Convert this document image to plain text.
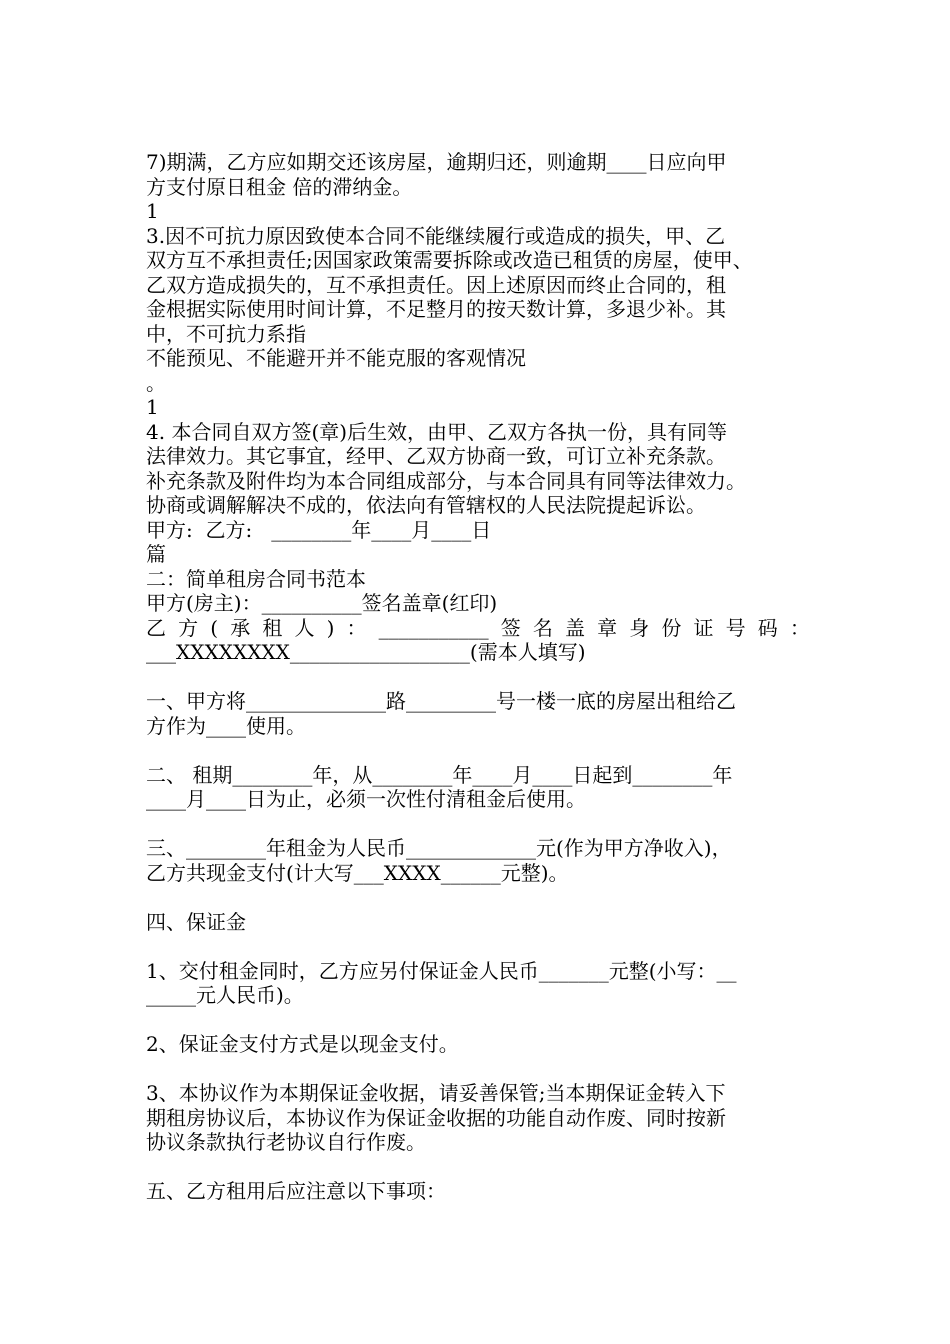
7)期满，乙方应如期交还该房屋，逾期归还，则逾期____日应向甲
方支付原日租金 倍的滞纳金。
1
3.因不可抗力原因致使本合同不能继续履行或造成的损失，甲、乙
双方互不承担责任;因国家政策需要拆除或改造已租赁的房屋，使甲、
乙双方造成损失的，互不承担责任。因上述原因而终止合同的，租
金根据实际使用时间计算，不足整月的按天数计算，多退少补。其
中，不可抗力系指
不能预见、不能避开并不能克服的客观情况
。
1
4. 本合同自双方签(章)后生效，由甲、乙双方各执一份，具有同等
法律效力。其它事宜，经甲、乙双方协商一致，可订立补充条款。
补充条款及附件均为本合同组成部分，与本合同具有同等法律效力。
协商或调解解决不成的，依法向有管辖权的人民法院提起诉讼。
甲方:  乙方:   ________年____月____日
篇
二：简单租房合同书范本
甲方(房主)：__________签名盖章(红印)
乙 方 ( 承 租 人 ) ： ___________ 签 名 盖 章 身 份 证 号 码 ：
___XXXXXXXX__________________(需本人填写)
一、甲方将______________路_________号一楼一底的房屋出租给乙
方作为____使用。
二、 租期________年，从________年____月____日起到________年
____月____日为止，必须一次性付清租金后使用。
三、________年租金为人民币_____________元(作为甲方净收入)，
乙方共现金支付(计大写___XXXX______元整)。
四、保证金
1、交付租金同时，乙方应另付保证金人民币_______元整(小写：__
_____元人民币)。
2、保证金支付方式是以现金支付。
3、本协议作为本期保证金收据，请妥善保管;当本期保证金转入下
期租房协议后，本协议作为保证金收据的功能自动作废、同时按新
协议条款执行老协议自行作废。
五、乙方租用后应注意以下事项：
